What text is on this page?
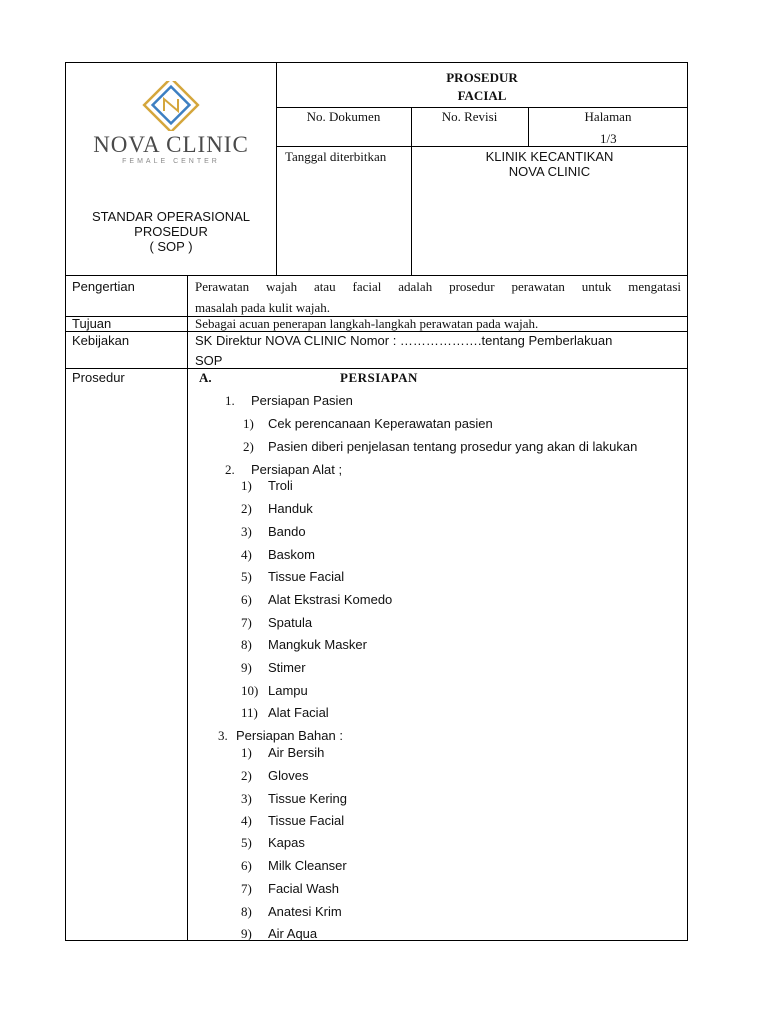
NOVA CLINIC
FEMALE CENTER
STANDAR OPERASIONAL
PROSEDUR
( SOP )
PROSEDUR
FACIAL
No. Dokumen	No. Revisi	Halaman
1/3
Tanggal diterbitkan	KLINIK KECANTIKAN
NOVA CLINIC
Pengertian	Perawatan wajah atau facial adalah prosedur perawatan untuk mengatasi
masalah pada kulit wajah.
Tujuan	Sebagai acuan penerapan langkah-langkah perawatan pada wajah.
Kebijakan	SK Direktur NOVA CLINIC Nomor : ……………….tentang Pemberlakuan
SOP
Prosedur	A.	PERSIAPAN
1. Persiapan Pasien
1) Cek perencanaan Keperawatan pasien
2) Pasien diberi penjelasan tentang prosedur yang akan di lakukan
2. Persiapan Alat ;
1) Troli
2) Handuk
3) Bando
4) Baskom
5) Tissue Facial
6) Alat Ekstrasi Komedo
7) Spatula
8) Mangkuk Masker
9) Stimer
10) Lampu
11) Alat Facial
3. Persiapan Bahan :
1) Air Bersih
2) Gloves
3) Tissue Kering
4) Tissue Facial
5) Kapas
6) Milk Cleanser
7) Facial Wash
8) Anatesi Krim
9) Air Aqua
